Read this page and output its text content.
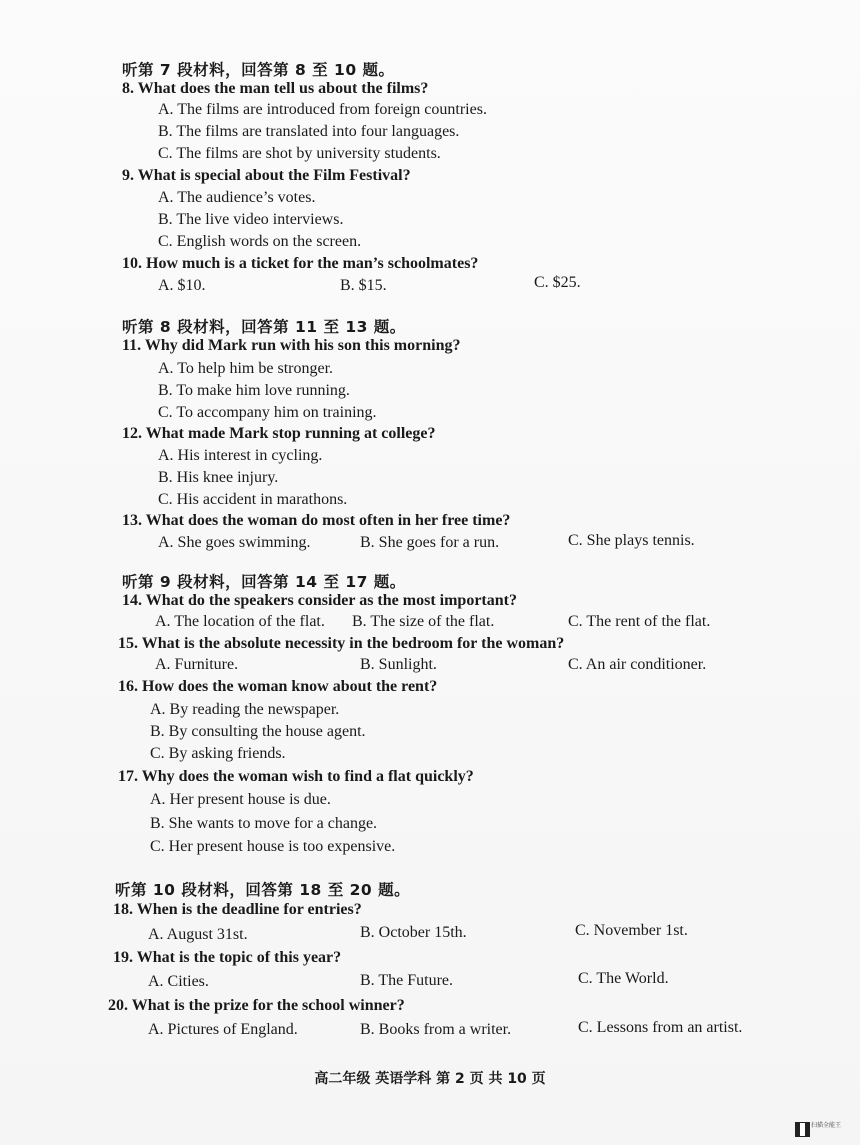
听第 7 段材料，回答第 8 至 10 题。
8. What does the man tell us about the films?
A. The films are introduced from foreign countries.
B. The films are translated into four languages.
C. The films are shot by university students.
9. What is special about the Film Festival?
A. The audience’s votes.
B. The live video interviews.
C. English words on the screen.
10. How much is a ticket for the man’s schoolmates?
A. $10.	B. $15.	C. $25.
听第 8 段材料，回答第 11 至 13 题。
11. Why did Mark run with his son this morning?
A. To help him be stronger.
B. To make him love running.
C. To accompany him on training.
12. What made Mark stop running at college?
A. His interest in cycling.
B. His knee injury.
C. His accident in marathons.
13. What does the woman do most often in her free time?
A. She goes swimming.	B. She goes for a run.	C. She plays tennis.
听第 9 段材料，回答第 14 至 17 题。
14. What do the speakers consider as the most important?
A. The location of the flat. B. The size of the flat.	C. The rent of the flat.
15. What is the absolute necessity in the bedroom for the woman?
A. Furniture.	B. Sunlight.	C. An air conditioner.
16. How does the woman know about the rent?
A. By reading the newspaper.
B. By consulting the house agent.
C. By asking friends.
17. Why does the woman wish to find a flat quickly?
A. Her present house is due.
B. She wants to move for a change.
C. Her present house is too expensive.
听第 10 段材料，回答第 18 至 20 题。
18. When is the deadline for entries?
A. August 31st.	B. October 15th.	C. November 1st.
19. What is the topic of this year?
A. Cities.	B. The Future.	C. The World.
20. What is the prize for the school winner?
A. Pictures of England.	B. Books from a writer.	C. Lessons from an artist.
高二年级 英语学科 第 2 页 共 10 页
扫描全能王
